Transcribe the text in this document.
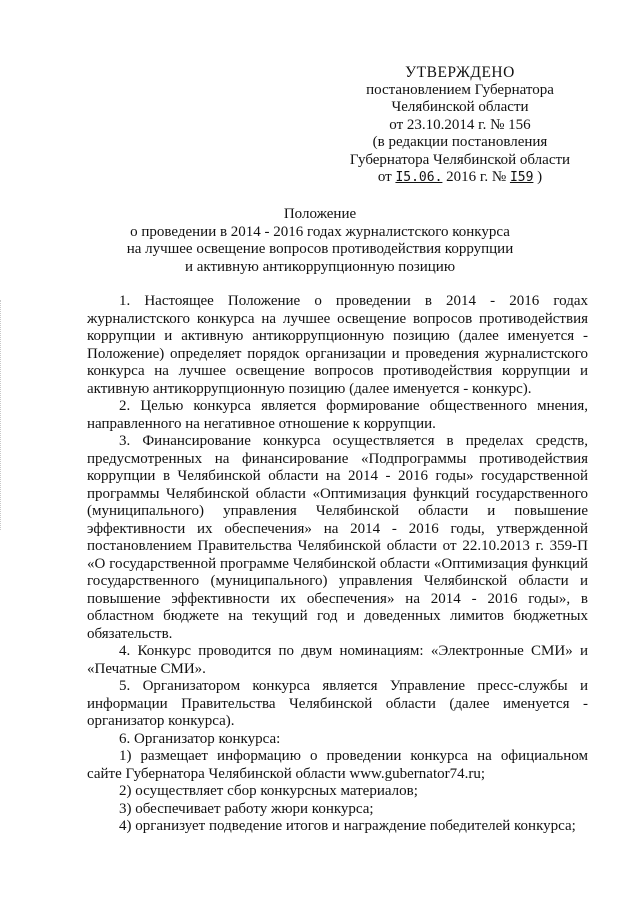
УТВЕРЖДЕНО
постановлением Губернатора
Челябинской области
от 23.10.2014 г. № 156
(в редакции постановления
Губернатора Челябинской области
от I5.06. 2016 г. № I59 )
Положение
о проведении в 2014 - 2016 годах журналистского конкурса
на лучшее освещение вопросов противодействия коррупции
и активную антикоррупционную позицию

1. Настоящее Положение о проведении в 2014 - 2016 годах журналистского конкурса на лучшее освещение вопросов противодействия коррупции и активную антикоррупционную позицию (далее именуется - Положение) определяет порядок организации и проведения журналистского конкурса на лучшее освещение вопросов противодействия коррупции и активную антикоррупционную позицию (далее именуется - конкурс).

2. Целью конкурса является формирование общественного мнения, направленного на негативное отношение к коррупции.

3. Финансирование конкурса осуществляется в пределах средств, предусмотренных на финансирование «Подпрограммы противодействия коррупции в Челябинской области на 2014 - 2016 годы» государственной программы Челябинской области «Оптимизация функций государственного (муниципального) управления Челябинской области и повышение эффективности их обеспечения» на 2014 - 2016 годы, утвержденной постановлением Правительства Челябинской области от 22.10.2013 г. 359-П «О государственной программе Челябинской области «Оптимизация функций государственного (муниципального) управления Челябинской области и повышение эффективности их обеспечения» на 2014 - 2016 годы», в областном бюджете на текущий год и доведенных лимитов бюджетных обязательств.

4. Конкурс проводится по двум номинациям: «Электронные СМИ» и «Печатные СМИ».

5. Организатором конкурса является Управление пресс-службы и информации Правительства Челябинской области (далее именуется - организатор конкурса).

6. Организатор конкурса:

1) размещает информацию о проведении конкурса на официальном сайте Губернатора Челябинской области www.gubernator74.ru;

2) осуществляет сбор конкурсных материалов;

3) обеспечивает работу жюри конкурса;

4) организует подведение итогов и награждение победителей конкурса;
